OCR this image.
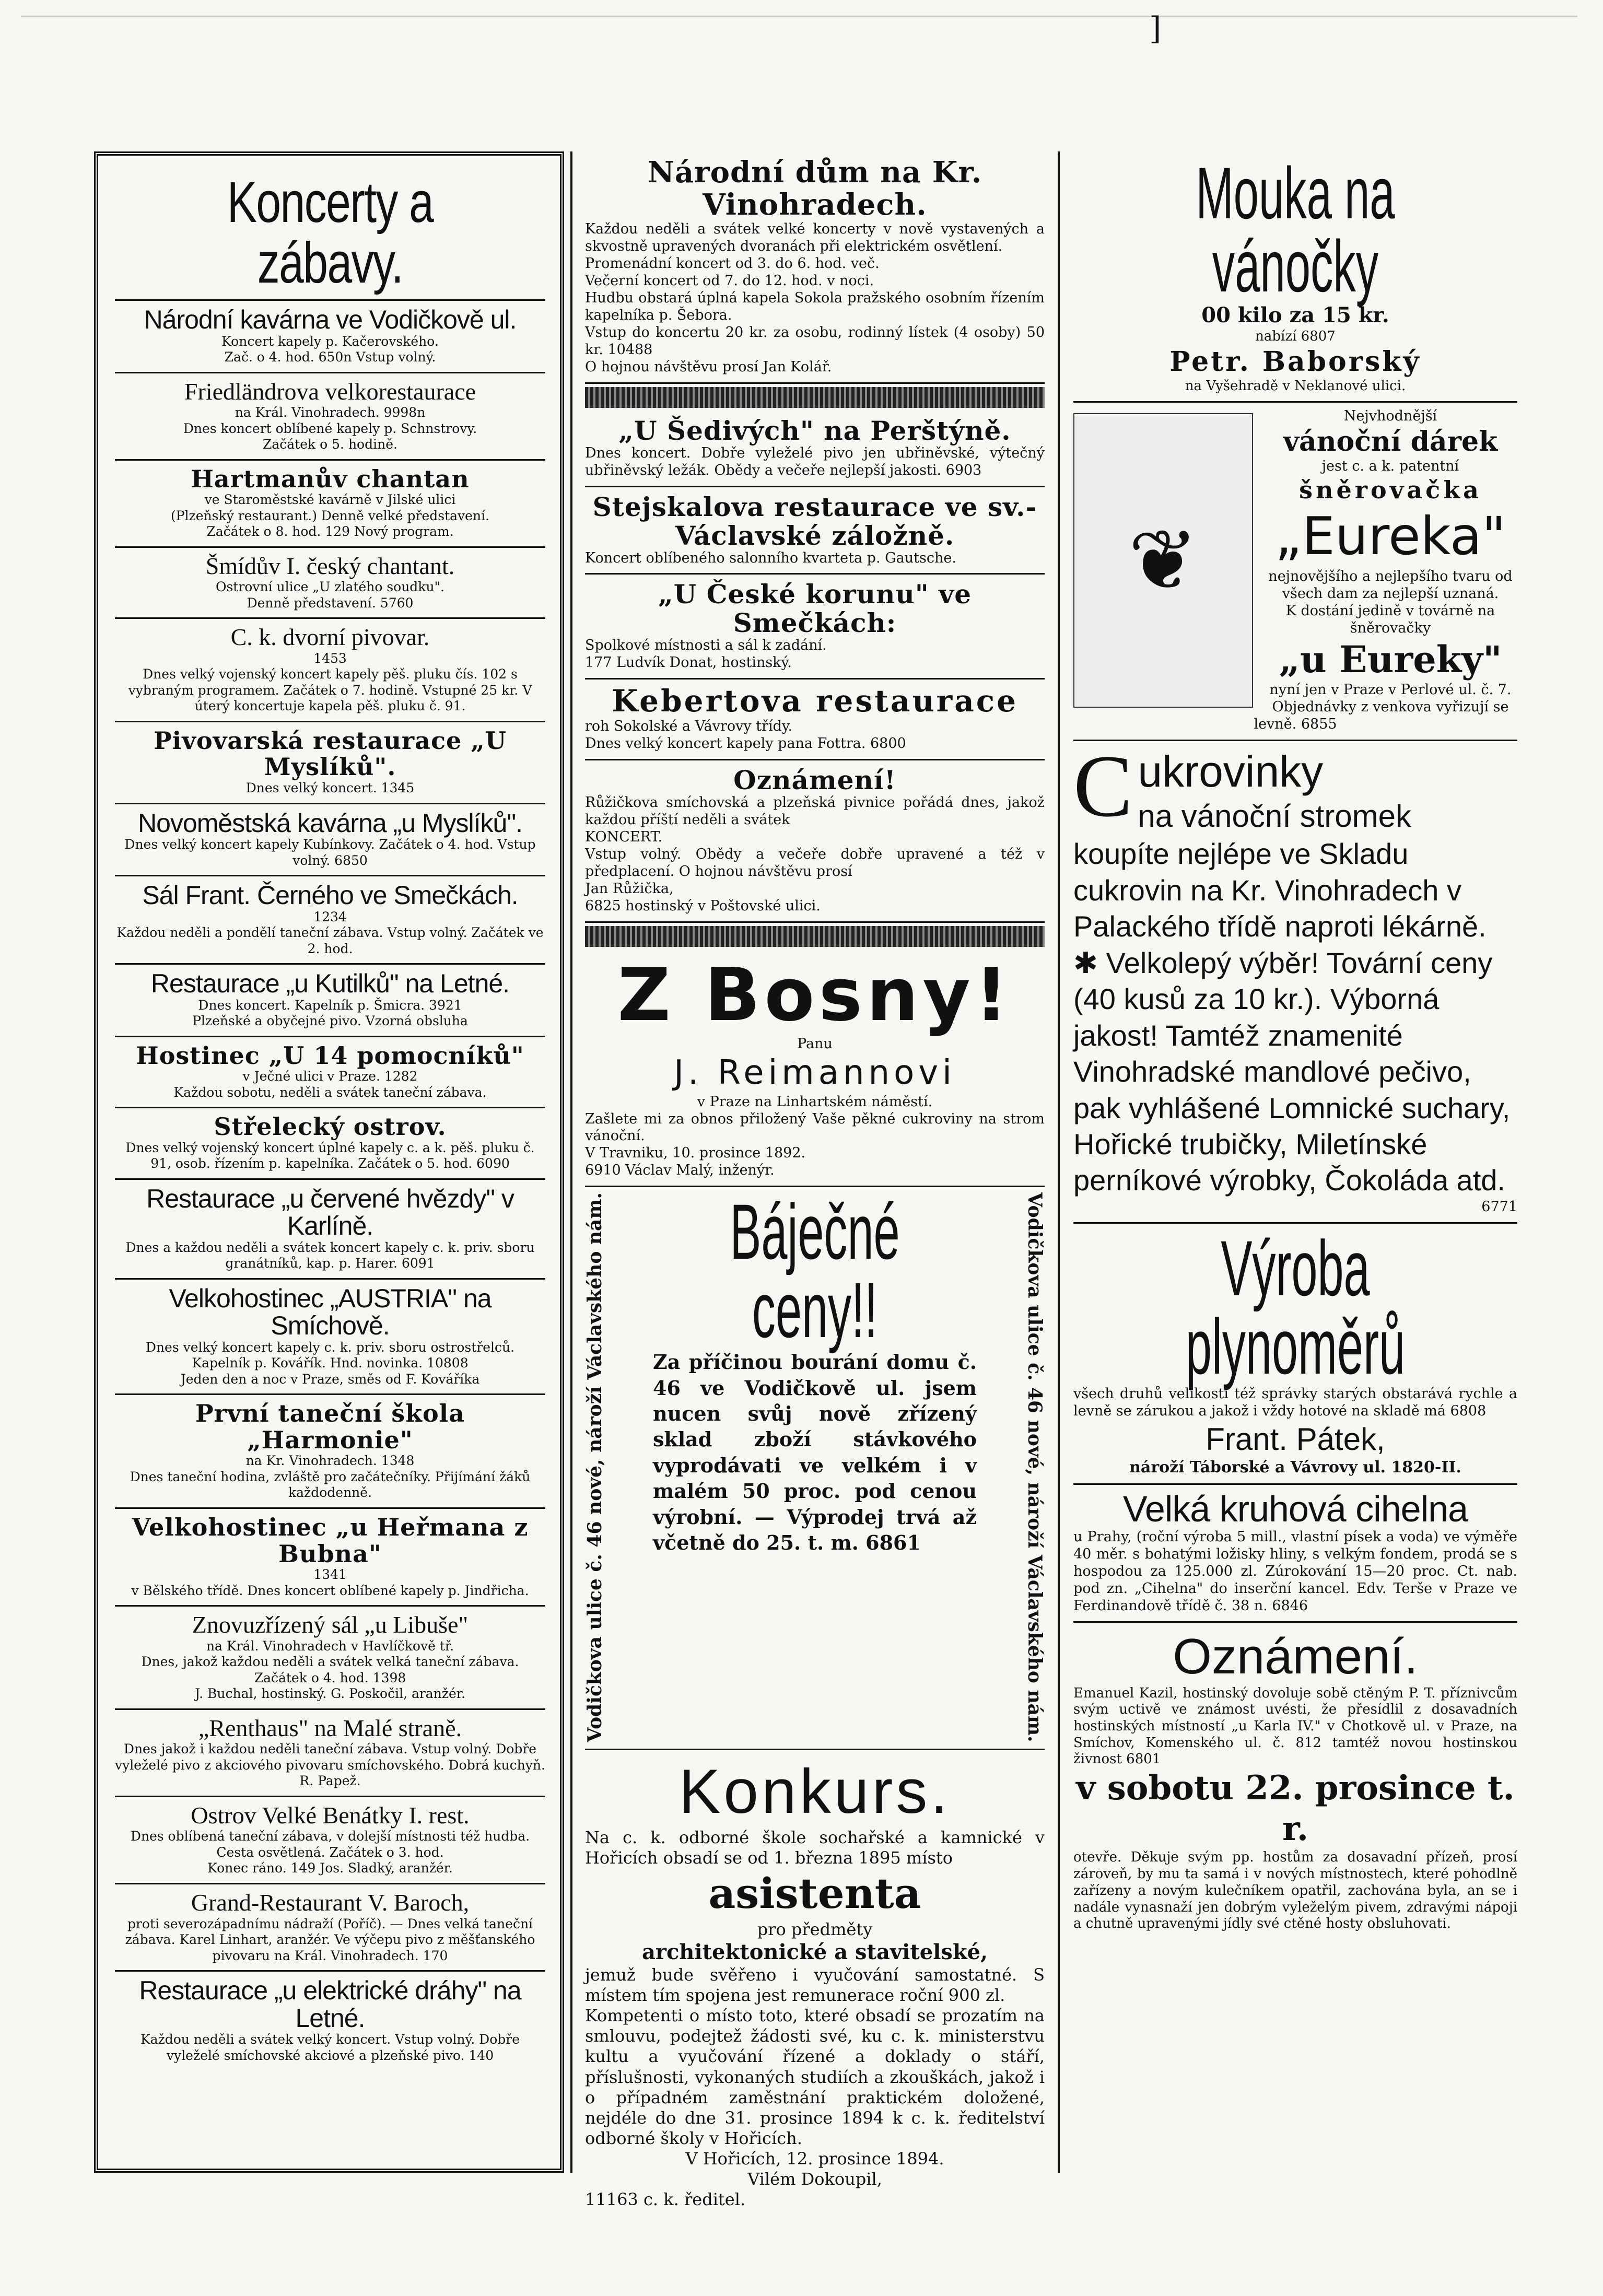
]
Koncerty a zábavy.
Národní kavárna ve Vodičkově ul.
Koncert kapely p. Kačerovského.
Zač. o 4. hod. 650n Vstup volný.
Friedländrova velkorestaurace
na Král. Vinohradech. 9998n
Dnes koncert oblíbené kapely p. Schnstrovy.
Začátek o 5. hodině.
Hartmanův chantan
ve Staroměstské kavárně v Jilské ulici
(Plzeňský restaurant.) Denně velké představení.
Začátek o 8. hod. 129 Nový program.
Šmídův I. český chantant.
Ostrovní ulice „U zlatého soudku".
Denně představení. 5760
C. k. dvorní pivovar.
1453
Dnes velký vojenský koncert kapely pěš. pluku čís. 102 s vybraným programem. Začátek o 7. hodině. Vstupné 25 kr. V úterý koncertuje kapela pěš. pluku č. 91.
Pivovarská restaurace „U Myslíků".
Dnes velký koncert. 1345
Novoměstská kavárna „u Myslíků".
Dnes velký koncert kapely Kubínkovy. Začátek o 4. hod. Vstup volný. 6850
Sál Frant. Černého ve Smečkách.
1234
Každou neděli a pondělí taneční zábava. Vstup volný. Začátek ve 2. hod.
Restaurace „u Kutilků" na Letné.
Dnes koncert. Kapelník p. Šmicra. 3921
Plzeňské a obyčejné pivo. Vzorná obsluha
Hostinec „U 14 pomocníků"
v Ječné ulici v Praze. 1282
Každou sobotu, neděli a svátek taneční zábava.
Střelecký ostrov.
Dnes velký vojenský koncert úplné kapely c. a k. pěš. pluku č. 91, osob. řízením p. kapelníka. Začátek o 5. hod. 6090
Restaurace „u červené hvězdy" v Karlíně.
Dnes a každou neděli a svátek koncert kapely c. k. priv. sboru granátníků, kap. p. Harer. 6091
Velkohostinec „AUSTRIA" na Smíchově.
Dnes velký koncert kapely c. k. priv. sboru ostrostřelců. Kapelník p. Kovářík. Hnd. novinka. 10808
Jeden den a noc v Praze, směs od F. Kováříka
První taneční škola „Harmonie"
na Kr. Vinohradech. 1348
Dnes taneční hodina, zvláště pro začátečníky. Přijímání žáků každodenně.
Velkohostinec „u Heřmana z Bubna"
1341
v Bělského třídě. Dnes koncert oblíbené kapely p. Jindřicha.
Znovuzřízený sál „u Libuše"
na Král. Vinohradech v Havlíčkově tř.
Dnes, jakož každou neděli a svátek velká taneční zábava. Začátek o 4. hod. 1398
J. Buchal, hostinský. G. Poskočil, aranžér.
„Renthaus" na Malé straně.
Dnes jakož i každou neděli taneční zábava. Vstup volný. Dobře vyleželé pivo z akciového pivovaru smíchovského. Dobrá kuchyň. R. Papež.
Ostrov Velké Benátky I. rest.
Dnes oblíbená taneční zábava, v dolejší místnosti též hudba. Cesta osvětlená. Začátek o 3. hod.
Konec ráno. 149 Jos. Sladký, aranžér.
Grand-Restaurant V. Baroch,
proti severozápadnímu nádraží (Poříč). — Dnes velká taneční zábava. Karel Linhart, aranžér. Ve výčepu pivo z měšťanského pivovaru na Král. Vinohradech. 170
Restaurace „u elektrické dráhy" na Letné.
Každou neděli a svátek velký koncert. Vstup volný. Dobře vyleželé smíchovské akciové a plzeňské pivo. 140
Národní dům na Kr. Vinohradech.
Každou neděli a svátek velké koncerty v nově vystavených a skvostně upravených dvoranách při elektrickém osvětlení.
Promenádní koncert od 3. do 6. hod. več.
Večerní koncert od 7. do 12. hod. v noci.
Hudbu obstará úplná kapela Sokola pražského osobním řízením kapelníka p. Šebora.
Vstup do koncertu 20 kr. za osobu, rodinný lístek (4 osoby) 50 kr. 10488
O hojnou návštěvu prosí Jan Kolář.
„U Šedivých" na Perštýně.
Dnes koncert. Dobře vyleželé pivo jen ubřiněvské, výtečný ubřiněvský ležák. Obědy a večeře nejlepší jakosti. 6903
Stejskalova restaurace ve sv.-Václavské záložně.
Koncert oblíbeného salonního kvarteta p. Gautsche.
„U České korunu" ve Smečkách:
Spolkové místnosti a sál k zadání.
177 Ludvík Donat, hostinský.
Kebertova restaurace
roh Sokolské a Vávrovy třídy.
Dnes velký koncert kapely pana Fottra. 6800
Oznámení!
Růžičkova smíchovská a plzeňská pivnice pořádá dnes, jakož každou příští neděli a svátek
KONCERT.
Vstup volný. Obědy a večeře dobře upravené a též v předplacení. O hojnou návštěvu prosí
Jan Růžička,
6825 hostinský v Poštovské ulici.
Z Bosny!
Panu
J. Reimannovi
v Praze na Linhartském náměstí.
Zašlete mi za obnos přiložený Vaše pěkné cukroviny na strom vánoční.
V Travniku, 10. prosince 1892.
6910 Václav Malý, inženýr.
Vodičkova ulice č. 46 nové, nároží Václavského nám.	Báječné ceny!!
Za příčinou bourání domu č. 46 ve Vodičkově ul. jsem nucen svůj nově zřízený sklad zboží stávkového vyprodávati ve velkém i v malém 50 proc. pod cenou výrobní. — Výprodej trvá až včetně do 25. t. m. 6861	Vodičkova ulice č. 46 nové, nároží Václavského nám.
Konkurs.
Na c. k. odborné škole sochařské a kamnické v Hořicích obsadí se od 1. března 1895 místo
asistenta
pro předměty
architektonické a stavitelské,
jemuž bude svěřeno i vyučování samostatné. S místem tím spojena jest remunerace roční 900 zl.
Kompetenti o místo toto, které obsadí se prozatím na smlouvu, podejtež žádosti své, ku c. k. ministerstvu kultu a vyučování řízené a doklady o stáří, příslušnosti, vykonaných studiích a zkouškách, jakož i o případném zaměstnání praktickém doložené, nejdéle do dne 31. prosince 1894 k c. k. ředitelství odborné školy v Hořicích.
V Hořicích, 12. prosince 1894.
Vilém Dokoupil,
11163 c. k. ředitel.
Mouka na vánočky
00 kilo za 15 kr.
nabízí 6807
Petr. Baborský
na Vyšehradě v Neklanové ulici.
❦
Nejvhodnější
vánoční dárek
jest c. a k. patentní
šněrovačka
„Eureka"
nejnovějšího a nejlepšího tvaru od všech dam za nejlepší uznaná.
K dostání jedině v továrně na šněrovačky
„u Eureky"
nyní jen v Praze v Perlové ul. č. 7.
Objednávky z venkova vyřizují se levně. 6855
Cukrovinky
na vánoční stromek
koupíte nejlépe ve Skladu cukrovin na Kr. Vinohradech v Palackého třídě naproti lékárně. ✱ Velkolepý výběr! Tovární ceny (40 kusů za 10 kr.). Výborná jakost! Tamtéž znamenité Vinohradské mandlové pečivo, pak vyhlášené Lomnické suchary, Hořické trubičky, Miletínské perníkové výrobky, Čokoláda atd.
6771
Výroba plynoměrů
všech druhů velikosti též správky starých obstarává rychle a levně se zárukou a jakož i vždy hotové na skladě má 6808
Frant. Pátek,
nároží Táborské a Vávrovy ul. 1820-II.
Velká kruhová cihelna
u Prahy, (roční výroba 5 mill., vlastní písek a voda) ve výměře 40 měr. s bohatými ložisky hliny, s velkým fondem, prodá se s hospodou za 125.000 zl. Zúrokování 15—20 proc. Ct. nab. pod zn. „Cihelna" do inserční kancel. Edv. Terše v Praze ve Ferdinandově třídě č. 38 n. 6846
Oznámení.
Emanuel Kazil, hostinský dovoluje sobě ctěným P. T. příznivcům svým uctivě ve známost uvésti, že přesídlil z dosavadních hostinských místností „u Karla IV." v Chotkově ul. v Praze, na Smíchov, Komenského ul. č. 812 tamtéž novou hostinskou živnost 6801
v sobotu 22. prosince t. r.
otevře. Děkuje svým pp. hostům za dosavadní přízeň, prosí zároveň, by mu ta samá i v nových místnostech, které pohodlně zařízeny a novým kulečníkem opatřil, zachována byla, an se i nadále vynasnaží jen dobrým vyleželým pivem, zdravými nápoji a chutně upravenými jídly své ctěné hosty obsluhovati.
